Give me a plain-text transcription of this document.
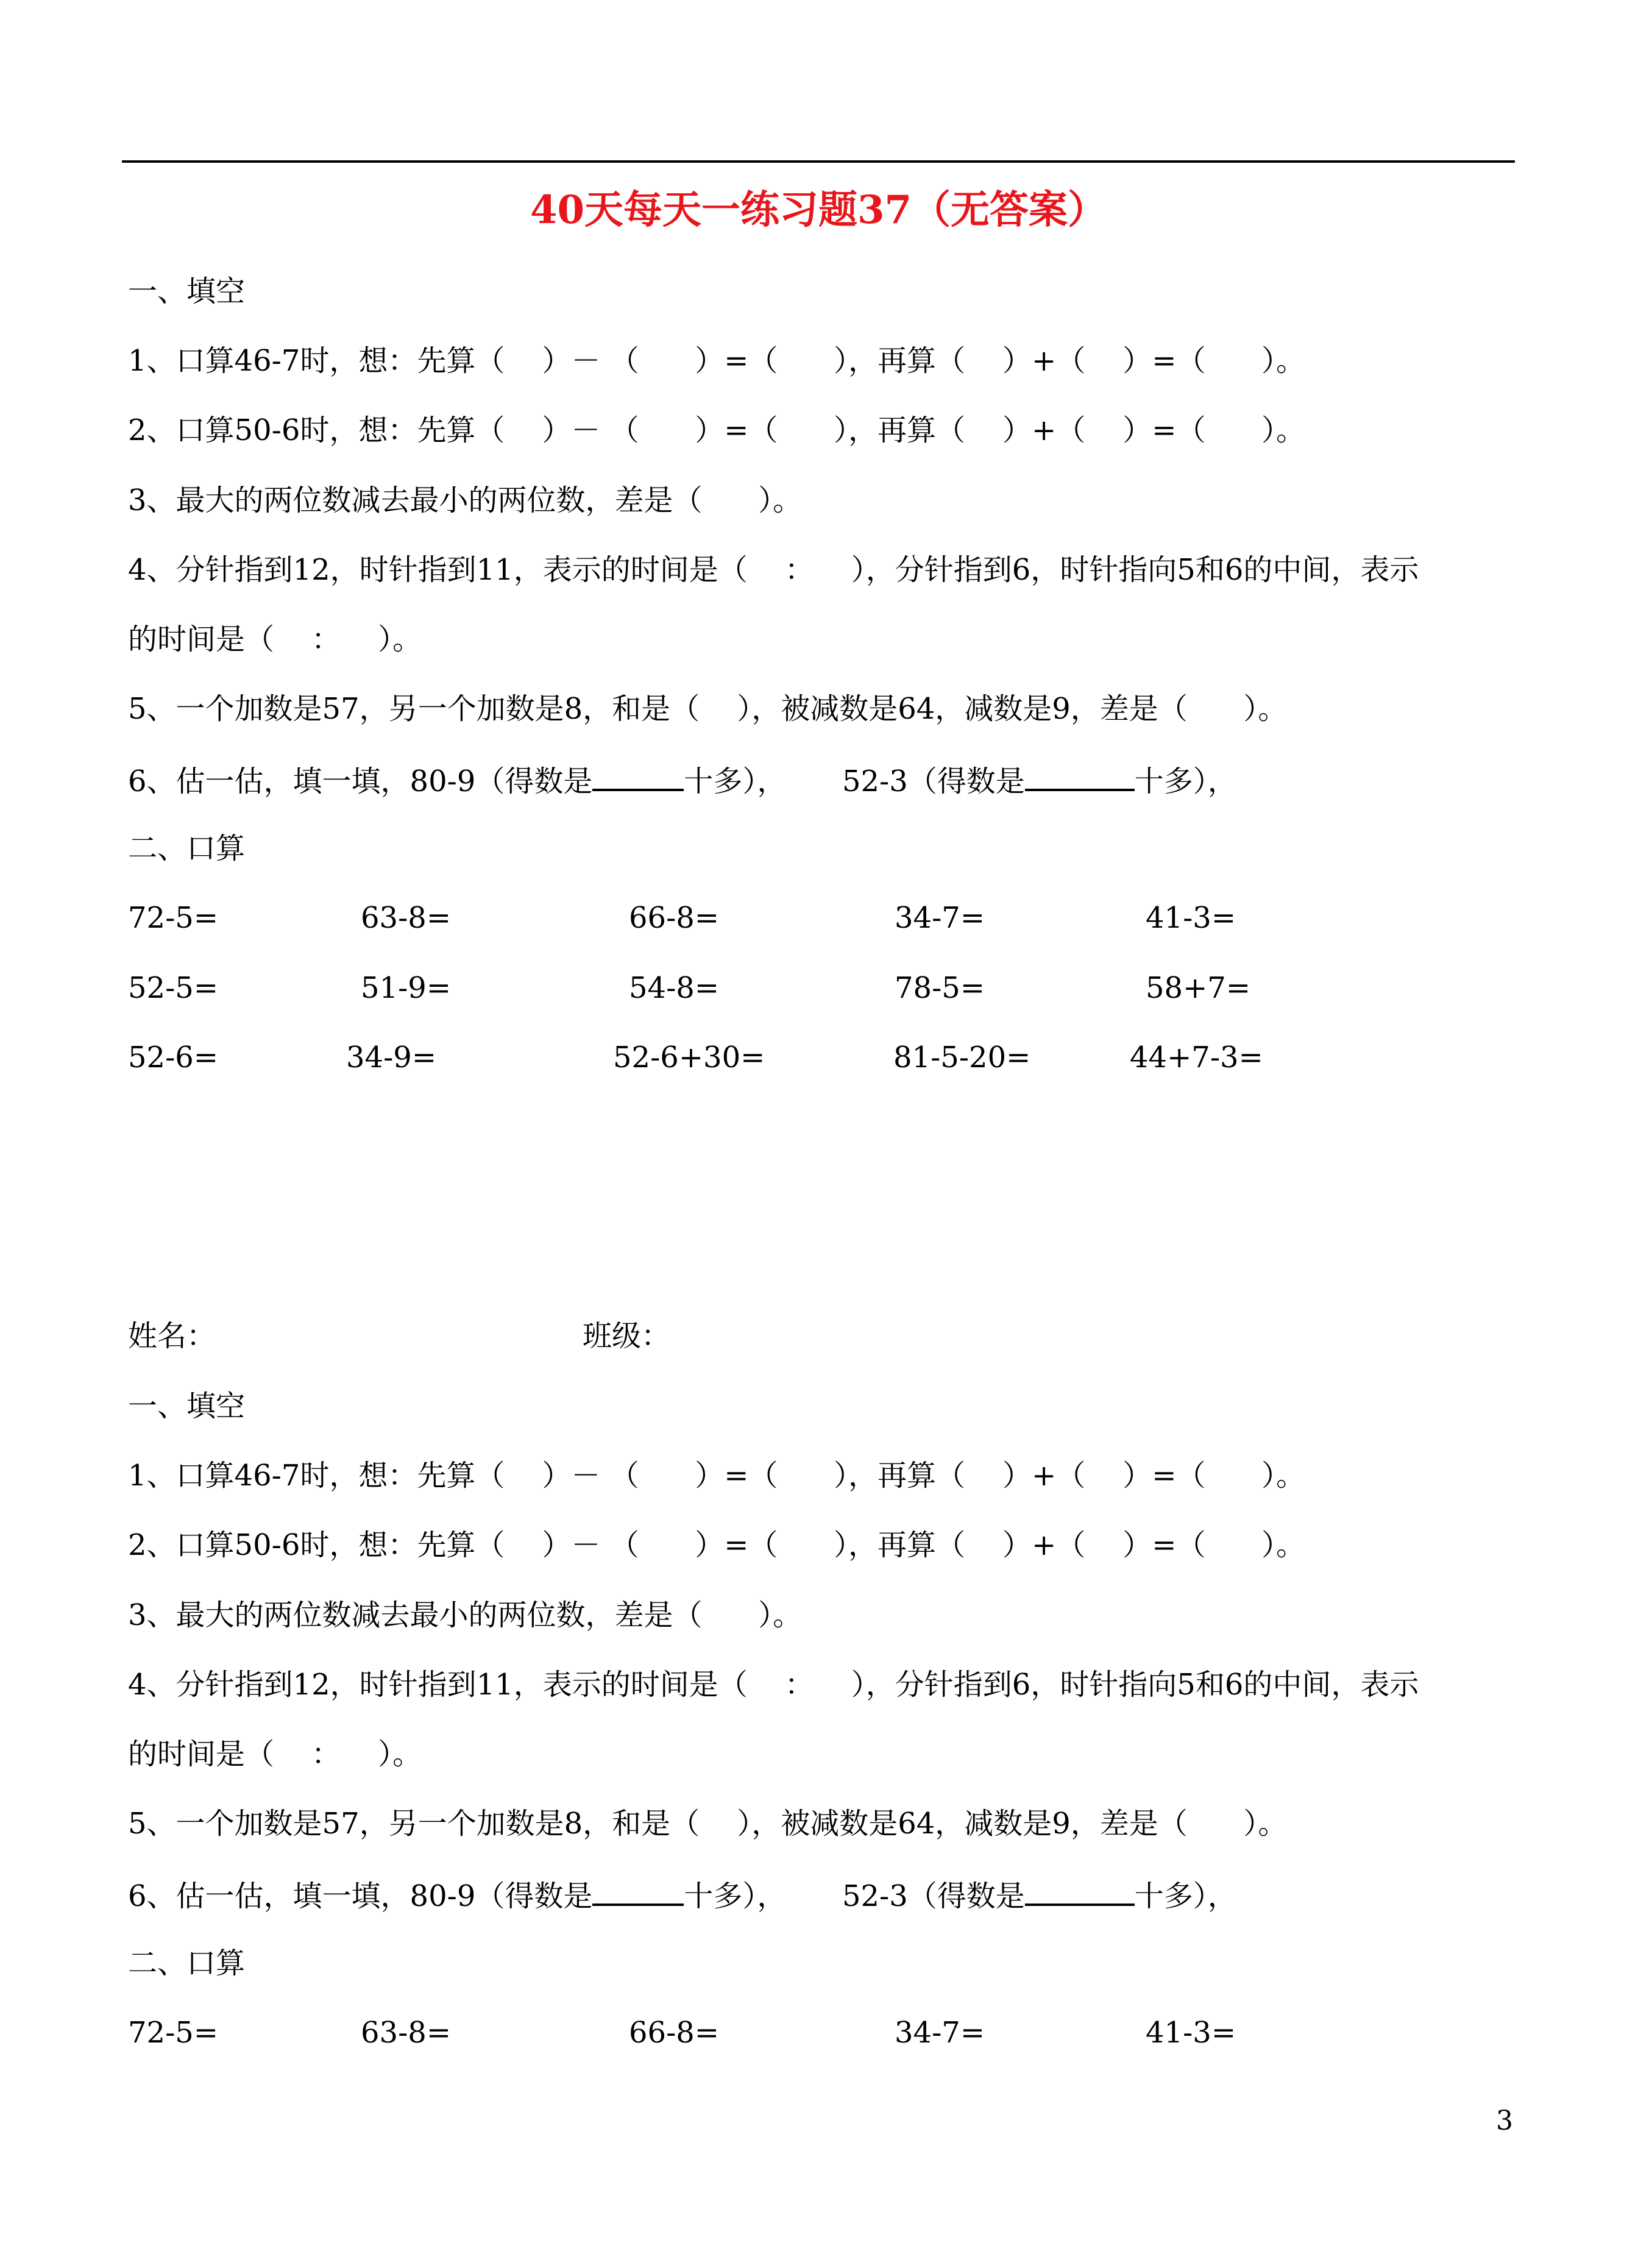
40天每天一练习题37（无答案）
一、填空
1、口算46-7时，想：先算（    ）－ （      ）=（      ），再算（    ）+（    ）=（      ）。
2、口算50-6时，想：先算（    ）－ （      ）=（      ），再算（    ）+（    ）=（      ）。
3、最大的两位数减去最小的两位数，差是（      ）。
4、分针指到12，时针指到11，表示的时间是（    ：    ），分针指到6，时针指向5和6的中间，表示
的时间是（    ：    ）。
5、一个加数是57，另一个加数是8，和是（    ），被减数是64，减数是9，差是（      ）。
6、估一估，填一填，80-9（得数是	十多），      52-3（得数是	十多），
二、口算
72-5=	63-8=	66-8=	34-7=	41-3=
52-5=	51-9=	54-8=	78-5=	58+7=
52-6=	34-9=	52-6+30=	81-5-20=	44+7-3=
姓名：	班级：
一、填空
1、口算46-7时，想：先算（    ）－ （      ）=（      ），再算（    ）+（    ）=（      ）。
2、口算50-6时，想：先算（    ）－ （      ）=（      ），再算（    ）+（    ）=（      ）。
3、最大的两位数减去最小的两位数，差是（      ）。
4、分针指到12，时针指到11，表示的时间是（    ：    ），分针指到6，时针指向5和6的中间，表示
的时间是（    ：    ）。
5、一个加数是57，另一个加数是8，和是（    ），被减数是64，减数是9，差是（      ）。
6、估一估，填一填，80-9（得数是	十多），      52-3（得数是	十多），
二、口算
72-5=	63-8=	66-8=	34-7=	41-3=
3
